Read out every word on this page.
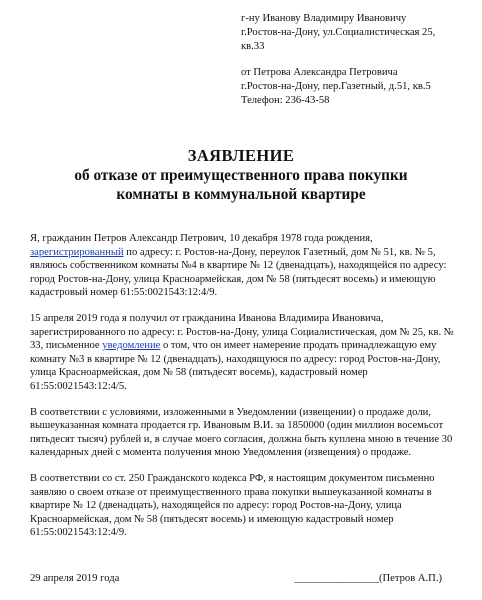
г-ну Иванову Владимиру Ивановичу
г.Ростов-на-Дону, ул.Социалистическая 25,
кв.33
от Петрова Александра Петровича
г.Ростов-на-Дону, пер.Газетный, д.51, кв.5
Телефон: 236-43-58
ЗАЯВЛЕНИЕ
об отказе от преимущественного права покупки
комнаты в коммунальной квартире

Я, гражданин Петров Александр Петрович, 10 декабря 1978 года рождения, зарегистрированный по адресу: г. Ростов-на-Дону, переулок Газетный, дом № 51, кв. № 5, являюсь собственником комнаты №4 в квартире № 12 (двенадцать), находящейся по адресу: город Ростов-на-Дону, улица Красноармейская, дом № 58 (пятьдесят восемь) и имеющую кадастровый номер 61:55:0021543:12:4/9.

15 апреля 2019 года я получил от гражданина Иванова Владимира Ивановича, зарегистрированного по адресу: г. Ростов-на-Дону, улица Социалистическая, дом № 25, кв. № 33, письменное уведомление о том, что он имеет намерение продать принадлежащую ему комнату №3 в квартире № 12 (двенадцать), находящуюся по адресу: город Ростов-на-Дону, улица Красноармейская, дом № 58 (пятьдесят восемь), кадастровый номер 61:55:0021543:12:4/5.

В соответствии с условиями, изложенными в Уведомлении (извещении) о продаже доли, вышеуказанная комната продается гр. Ивановым В.И. за 1850000 (один миллион восемьсот пятьдесят тысяч) рублей и, в случае моего согласия, должна быть куплена мною в течение 30 календарных дней с момента получения мною Уведомления (извещения) о продаже.

В соответствии со ст. 250 Гражданского кодекса РФ, я настоящим документом письменно заявляю о своем отказе от преимущественного права покупки вышеуказанной комнаты в квартире № 12 (двенадцать), находящейся по адресу: город Ростов-на-Дону, улица Красноармейская, дом № 58 (пятьдесят восемь) и имеющую кадастровый номер 61:55:0021543:12:4/9.

29 апреля 2019 года	________________(Петров А.П.)
